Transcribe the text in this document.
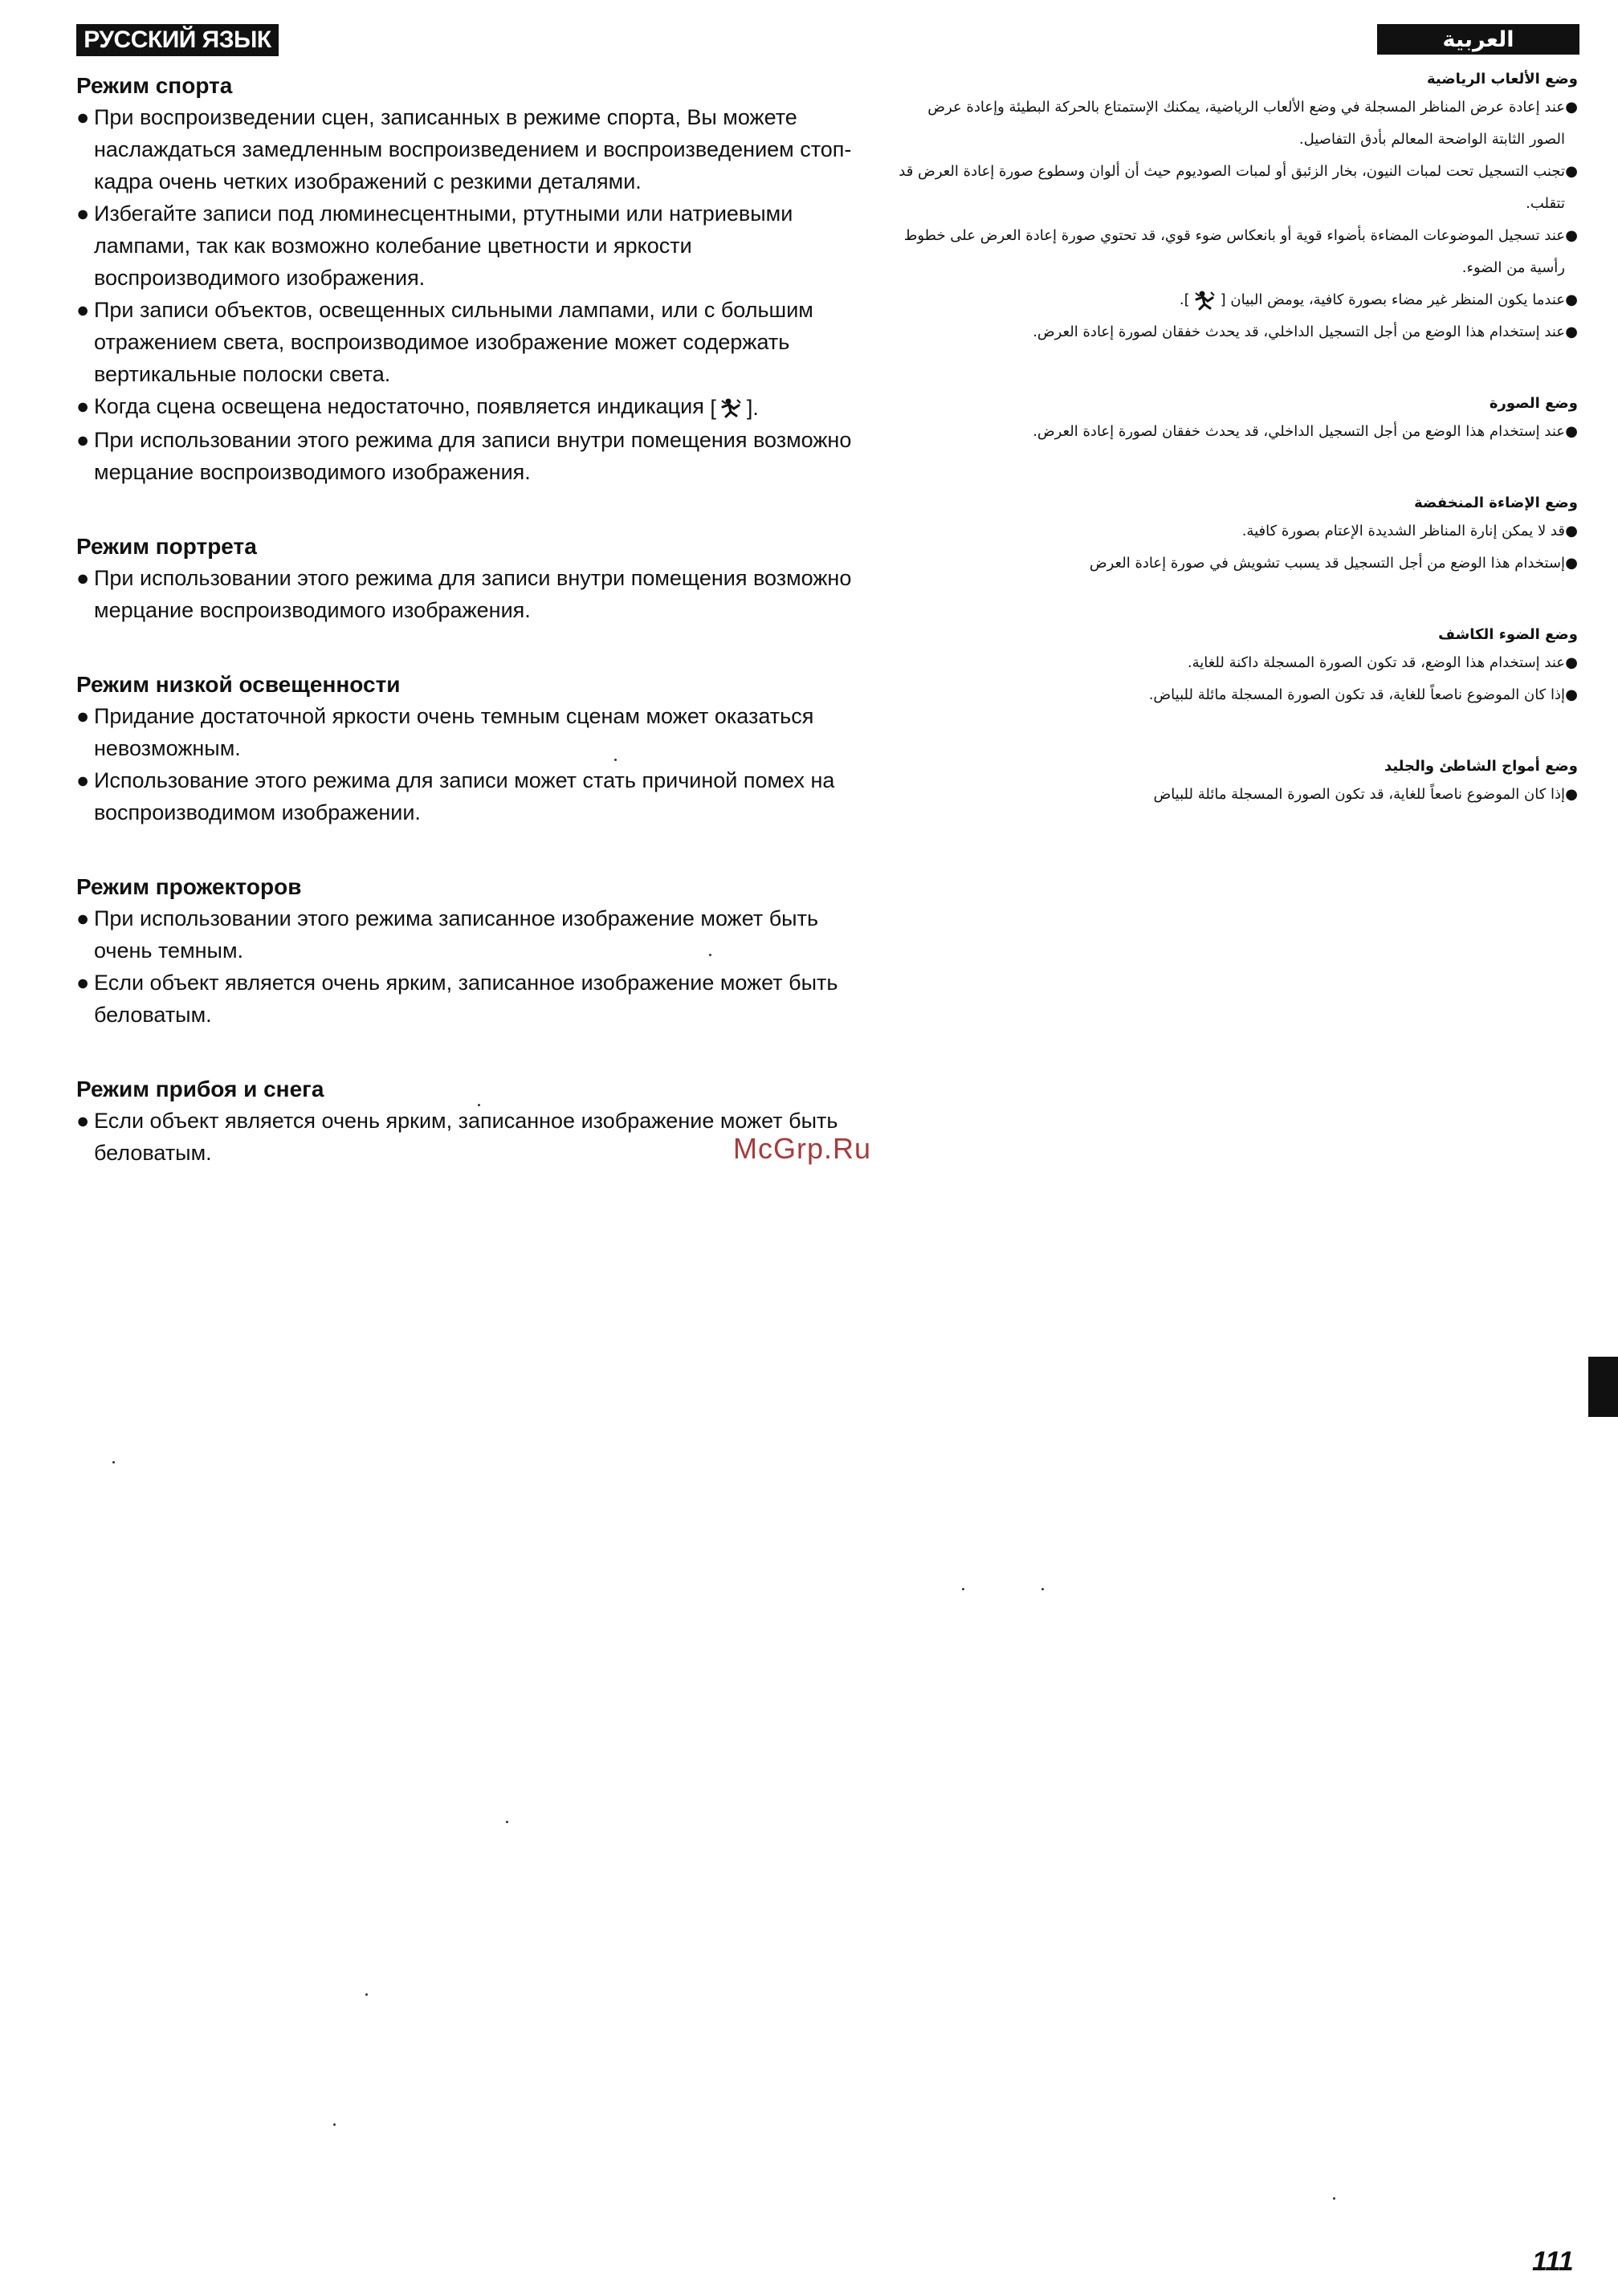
РУССКИЙ ЯЗЫК	العربية
Режим спорта
● При воспроизведении сцен, записанных в режиме спорта, Вы можете наслаждаться замедленным воспроизведением и воспроизведением стоп-кадра очень четких изображений с резкими деталями.
● Избегайте записи под люминесцентными, ртутными или натриевыми лампами, так как возможно колебание цветности и яркости воспроизводимого изображения.
● При записи объектов, освещенных сильными лампами, или с большим отражением света, воспроизводимое изображение может содержать вертикальные полоски света.
● Когда сцена освещена недостаточно, появляется индикация [
].
● При использовании этого режима для записи внутри помещения возможно мерцание воспроизводимого изображения.
Режим портрета
● При использовании этого режима для записи внутри помещения возможно мерцание воспроизводимого изображения.
Режим низкой освещенности
● Придание достаточной яркости очень темным сценам может оказаться невозможным.
● Использование этого режима для записи может стать причиной помех на воспроизводимом изображении.
Режим прожекторов
● При использовании этого режима записанное изображение может быть очень темным.
● Если объект является очень ярким, записанное изображение может быть беловатым.
Режим прибоя и снега
● Если объект является очень ярким, записанное изображение может быть беловатым.
وضع الألعاب الرياضية
●
عند إعادة عرض المناظر المسجلة في وضع الألعاب الرياضية، يمكنك الإستمتاع بالحركة البطيئة وإعادة عرض الصور الثابتة الواضحة المعالم بأدق التفاصيل.
●
تجنب التسجيل تحت لمبات النيون، بخار الزئبق أو لمبات الصوديوم حيث أن ألوان وسطوع صورة إعادة العرض قد تتقلب.
●
عند تسجيل الموضوعات المضاءة بأضواء قوية أو بانعكاس ضوء قوي، قد تحتوي صورة إعادة العرض على خطوط رأسية من الضوء.
●
عندما يكون المنظر غير مضاء بصورة كافية، يومض البيان [
].
●
عند إستخدام هذا الوضع من أجل التسجيل الداخلي، قد يحدث خفقان لصورة إعادة العرض.
وضع الصورة
●
عند إستخدام هذا الوضع من أجل التسجيل الداخلي، قد يحدث خفقان لصورة إعادة العرض.
وضع الإضاءة المنخفضة
●
قد لا يمكن إنارة المناظر الشديدة الإعتام بصورة كافية.
●
إستخدام هذا الوضع من أجل التسجيل قد يسبب تشويش في صورة إعادة العرض
وضع الضوء الكاشف
●
عند إستخدام هذا الوضع، قد تكون الصورة المسجلة داكنة للغاية.
●
إذا كان الموضوع ناصعاً للغاية، قد تكون الصورة المسجلة مائلة للبياض.
وضع أمواج الشاطئ والجليد
●
إذا كان الموضوع ناصعاً للغاية، قد تكون الصورة المسجلة مائلة للبياض
McGrp.Ru
111
